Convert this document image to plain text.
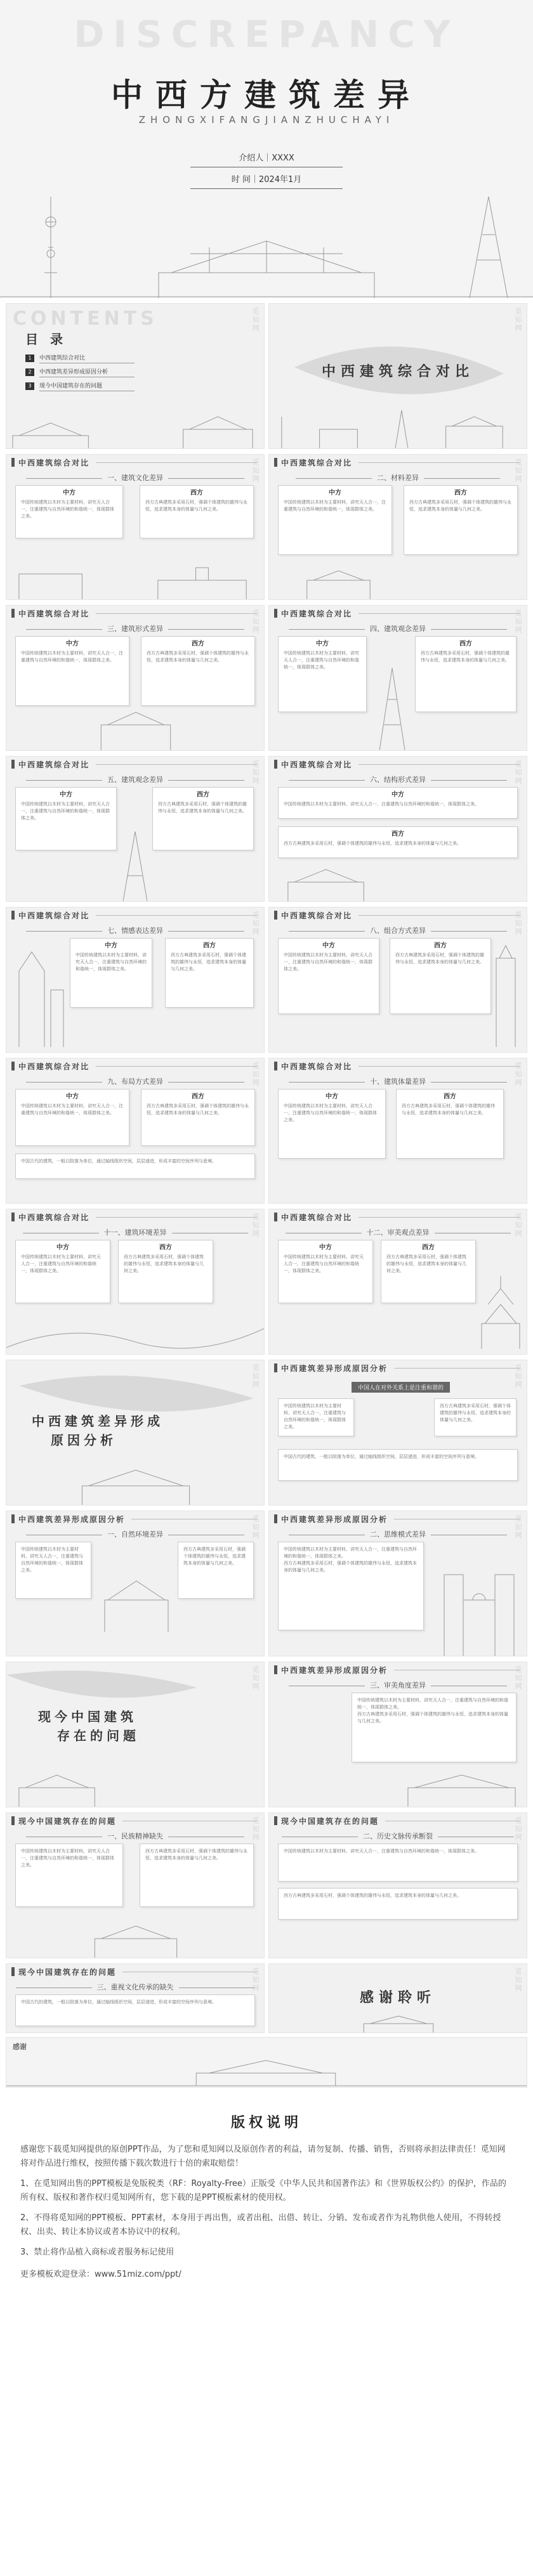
DISCREPANCY
中西方建筑差异
ZHONGXIFANGJIANZHUCHAYI
介绍人｜XXXX
时 间｜2024年1月
CONTENTS
目 录
1	中西建筑综合对比
2	中西建筑差异形成原因分析
3	现今中国建筑存在的问题
觅知网
中西建筑综合对比
觅知网
中西建筑综合对比
一、建筑文化差异
中方
中国传统建筑以木材为主要材料，讲究天人合一，注重建筑与自然环境的和谐统一，体现群体之美。
西方
西方古典建筑多采用石材，强调个体建筑的雄伟与永恒，追求建筑本身的体量与几何之美。
觅知网	中西建筑综合对比
二、材料差异
中方
中国传统建筑以木材为主要材料，讲究天人合一，注重建筑与自然环境的和谐统一，体现群体之美。
西方
西方古典建筑多采用石材，强调个体建筑的雄伟与永恒，追求建筑本身的体量与几何之美。
觅知网
中西建筑综合对比
三、建筑形式差异
中方
中国传统建筑以木材为主要材料，讲究天人合一，注重建筑与自然环境的和谐统一，体现群体之美。
西方
西方古典建筑多采用石材，强调个体建筑的雄伟与永恒，追求建筑本身的体量与几何之美。
觅知网	中西建筑综合对比
四、建筑观念差异
中方
中国传统建筑以木材为主要材料，讲究天人合一，注重建筑与自然环境的和谐统一，体现群体之美。
西方
西方古典建筑多采用石材，强调个体建筑的雄伟与永恒，追求建筑本身的体量与几何之美。
觅知网
中西建筑综合对比
五、建筑观念差异
中方
中国传统建筑以木材为主要材料，讲究天人合一，注重建筑与自然环境的和谐统一，体现群体之美。
西方
西方古典建筑多采用石材，强调个体建筑的雄伟与永恒，追求建筑本身的体量与几何之美。
觅知网	中西建筑综合对比
六、结构形式差异
中方
中国传统建筑以木材为主要材料，讲究天人合一，注重建筑与自然环境的和谐统一，体现群体之美。
西方
西方古典建筑多采用石材，强调个体建筑的雄伟与永恒，追求建筑本身的体量与几何之美。
觅知网
中西建筑综合对比
七、情感表达差异
中方
中国传统建筑以木材为主要材料，讲究天人合一，注重建筑与自然环境的和谐统一，体现群体之美。
西方
西方古典建筑多采用石材，强调个体建筑的雄伟与永恒，追求建筑本身的体量与几何之美。
觅知网	中西建筑综合对比
八、组合方式差异
中方
中国传统建筑以木材为主要材料，讲究天人合一，注重建筑与自然环境的和谐统一，体现群体之美。
西方
西方古典建筑多采用石材，强调个体建筑的雄伟与永恒，追求建筑本身的体量与几何之美。
觅知网
中西建筑综合对比
九、布局方式差异
中方
中国传统建筑以木材为主要材料，讲究天人合一，注重建筑与自然环境的和谐统一，体现群体之美。
西方
西方古典建筑多采用石材，强调个体建筑的雄伟与永恒，追求建筑本身的体量与几何之美。
中国古代的建筑，一般以院落为单位，通过轴线组织空间，层层递进，形成丰富的空间序列与意境。
觅知网	中西建筑综合对比
十、建筑体量差异
中方
中国传统建筑以木材为主要材料，讲究天人合一，注重建筑与自然环境的和谐统一，体现群体之美。
西方
西方古典建筑多采用石材，强调个体建筑的雄伟与永恒，追求建筑本身的体量与几何之美。
觅知网
中西建筑综合对比
十一、建筑环境差异
中方
中国传统建筑以木材为主要材料，讲究天人合一，注重建筑与自然环境的和谐统一，体现群体之美。
西方
西方古典建筑多采用石材，强调个体建筑的雄伟与永恒，追求建筑本身的体量与几何之美。
觅知网	中西建筑综合对比
十二、审美观点差异
中方
中国传统建筑以木材为主要材料，讲究天人合一，注重建筑与自然环境的和谐统一，体现群体之美。
西方
西方古典建筑多采用石材，强调个体建筑的雄伟与永恒，追求建筑本身的体量与几何之美。
觅知网
中西建筑差异形成
原因分析
觅知网	中西建筑差异形成原因分析
中国人在对外关系上是注重和谐的
中国传统建筑以木材为主要材料，讲究天人合一，注重建筑与自然环境的和谐统一，体现群体之美。
西方古典建筑多采用石材，强调个体建筑的雄伟与永恒，追求建筑本身的体量与几何之美。
中国古代的建筑，一般以院落为单位，通过轴线组织空间，层层递进，形成丰富的空间序列与意境。
觅知网
中西建筑差异形成原因分析
一、自然环境差异
中国传统建筑以木材为主要材料，讲究天人合一，注重建筑与自然环境的和谐统一，体现群体之美。
西方古典建筑多采用石材，强调个体建筑的雄伟与永恒，追求建筑本身的体量与几何之美。
觅知网	中西建筑差异形成原因分析
二、思维模式差异
中国传统建筑以木材为主要材料，讲究天人合一，注重建筑与自然环境的和谐统一，体现群体之美。
西方古典建筑多采用石材，强调个体建筑的雄伟与永恒，追求建筑本身的体量与几何之美。
觅知网
现今中国建筑
存在的问题
觅知网	中西建筑差异形成原因分析
三、审美角度差异
中国传统建筑以木材为主要材料，讲究天人合一，注重建筑与自然环境的和谐统一，体现群体之美。
西方古典建筑多采用石材，强调个体建筑的雄伟与永恒，追求建筑本身的体量与几何之美。
觅知网
现今中国建筑存在的问题
一、民族精神缺失
中国传统建筑以木材为主要材料，讲究天人合一，注重建筑与自然环境的和谐统一，体现群体之美。
西方古典建筑多采用石材，强调个体建筑的雄伟与永恒，追求建筑本身的体量与几何之美。
觅知网	现今中国建筑存在的问题
二、历史文脉传承断裂
中国传统建筑以木材为主要材料，讲究天人合一，注重建筑与自然环境的和谐统一，体现群体之美。
西方古典建筑多采用石材，强调个体建筑的雄伟与永恒，追求建筑本身的体量与几何之美。
觅知网
现今中国建筑存在的问题
三、重视文化传承的缺失
中国古代的建筑，一般以院落为单位，通过轴线组织空间，层层递进，形成丰富的空间序列与意境。
觅知网
感谢聆听
觅知网
感谢
版权说明

感谢您下载觅知网提供的原创PPT作品，为了您和觅知网以及原创作者的利益，请勿复制、传播、销售，否则将承担法律责任！觅知网将对作品进行维权，按照传播下载次数进行十倍的索取赔偿！

1、在觅知网出售的PPT模板是免版税类（RF：Royalty-Free）正版受《中华人民共和国著作法》和《世界版权公约》的保护，作品的所有权、版权和著作权归觅知网所有，您下载的是PPT模板素材的使用权。

2、不得将觅知网的PPT模板、PPT素材，本身用于再出售，或者出租、出借、转让、分销、发布或者作为礼物供他人使用，不得转授权、出卖、转让本协议或者本协议中的权利。

3、禁止将作品植入商标或者服务标记使用

更多模板欢迎登录：www.51miz.com/ppt/
